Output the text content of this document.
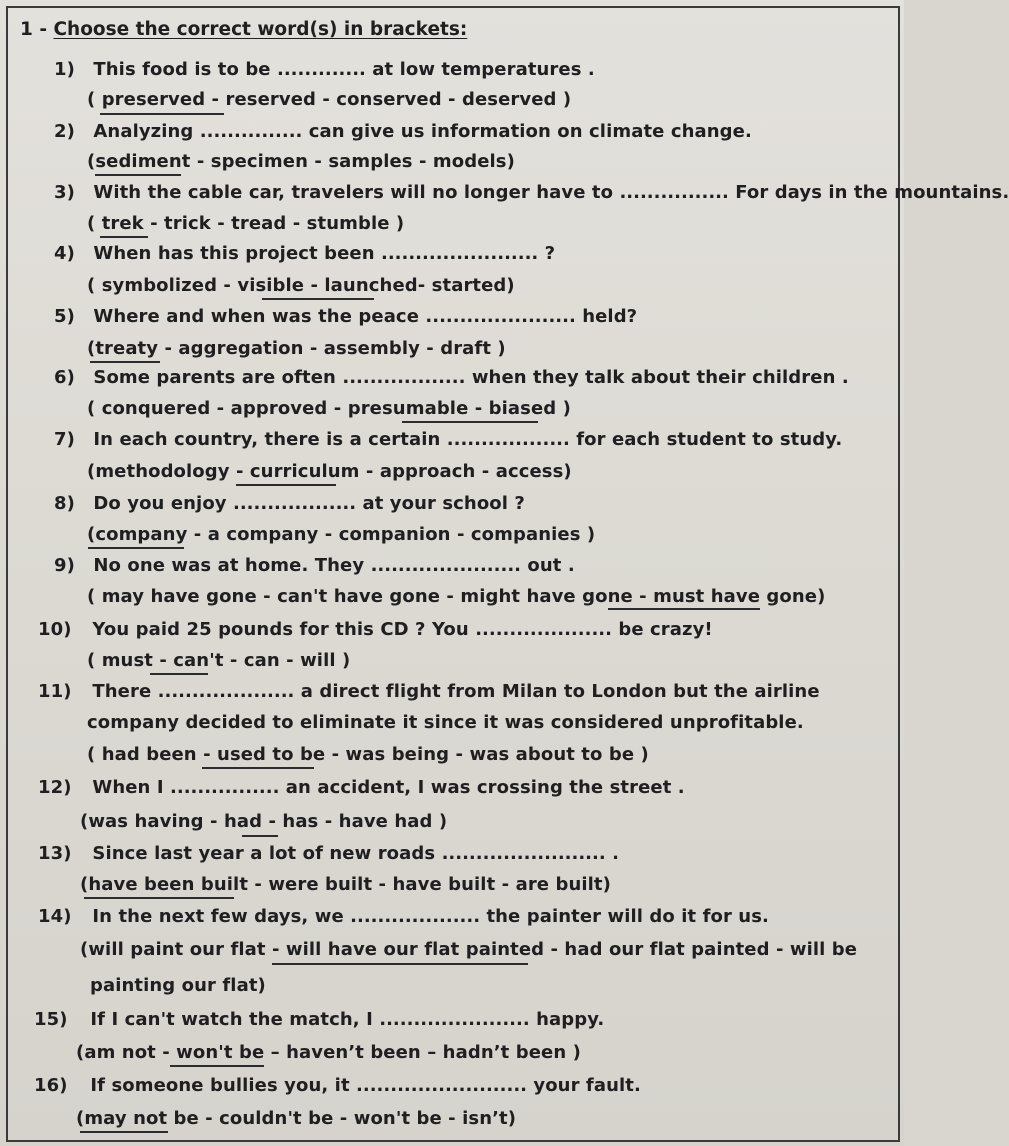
1 - Choose the correct word(s) in brackets:
1) This food is to be ............. at low temperatures .
( preserved - reserved - conserved - deserved )
2) Analyzing ............... can give us information on climate change.
(sediment - specimen - samples - models)
3) With the cable car, travelers will no longer have to ................ For days in the mountains.
( trek - trick - tread - stumble )
4) When has this project been ....................... ?
( symbolized - visible - launched- started)
5) Where and when was the peace ...................... held?
(treaty - aggregation - assembly - draft )
6) Some parents are often .................. when they talk about their children .
( conquered - approved - presumable - biased )
7) In each country, there is a certain .................. for each student to study.
(methodology - curriculum - approach - access)
8) Do you enjoy .................. at your school ?
(company - a company - companion - companies )
9) No one was at home. They ...................... out .
( may have gone - can't have gone - might have gone - must have gone)
10) You paid 25 pounds for this CD ? You .................... be crazy!
( must - can't - can - will )
11) There .................... a direct flight from Milan to London but the airline
company decided to eliminate it since it was considered unprofitable.
( had been - used to be - was being - was about to be )
12) When I ................ an accident, I was crossing the street .
(was having - had - has - have had )
13) Since last year a lot of new roads ........................ .
(have been built - were built - have built - are built)
14) In the next few days, we ................... the painter will do it for us.
(will paint our flat - will have our flat painted - had our flat painted - will be
painting our flat)
15) If I can't watch the match, I ...................... happy.
(am not - won't be – haven’t been – hadn’t been )
16) If someone bullies you, it ......................... your fault.
(may not be - couldn't be - won't be - isn’t)
